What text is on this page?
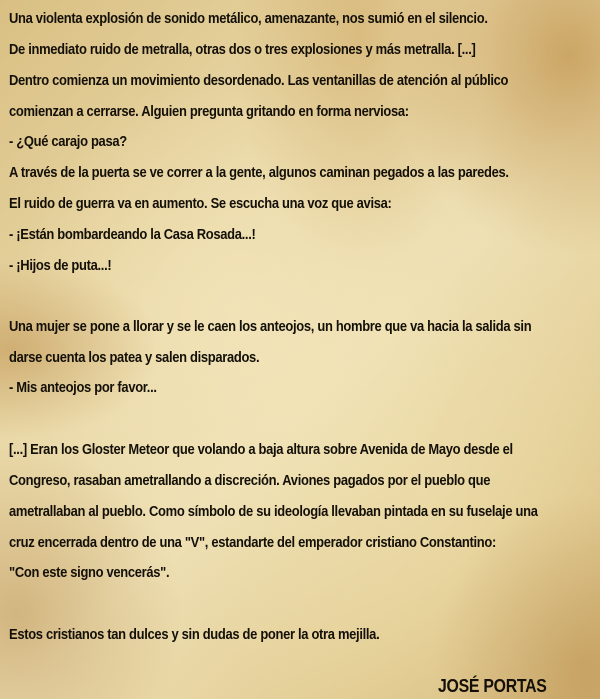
Una violenta explosión de sonido metálico, amenazante, nos sumió en el silencio.
De inmediato ruido de metralla, otras dos o tres explosiones y más metralla. [...]
Dentro comienza un movimiento desordenado. Las ventanillas de atención al público
comienzan a cerrarse. Alguien pregunta gritando en forma nerviosa:
- ¿Qué carajo pasa?
A través de la puerta se ve correr a la gente, algunos caminan pegados a las paredes.
El ruido de guerra va en aumento. Se escucha una voz que avisa:
- ¡Están bombardeando la Casa Rosada...!
- ¡Hijos de puta...!
Una mujer se pone a llorar y se le caen los anteojos, un hombre que va hacia la salida sin
darse cuenta los patea y salen disparados.
- Mis anteojos por favor...
[...] Eran los Gloster Meteor que volando a baja altura sobre Avenida de Mayo desde el
Congreso, rasaban ametrallando a discreción. Aviones pagados por el pueblo que
ametrallaban al pueblo. Como símbolo de su ideología llevaban pintada en su fuselaje una
cruz encerrada dentro de una "V", estandarte del emperador cristiano Constantino:
"Con este signo vencerás".
Estos cristianos tan dulces y sin dudas de poner la otra mejilla.
JOSÉ PORTAS
